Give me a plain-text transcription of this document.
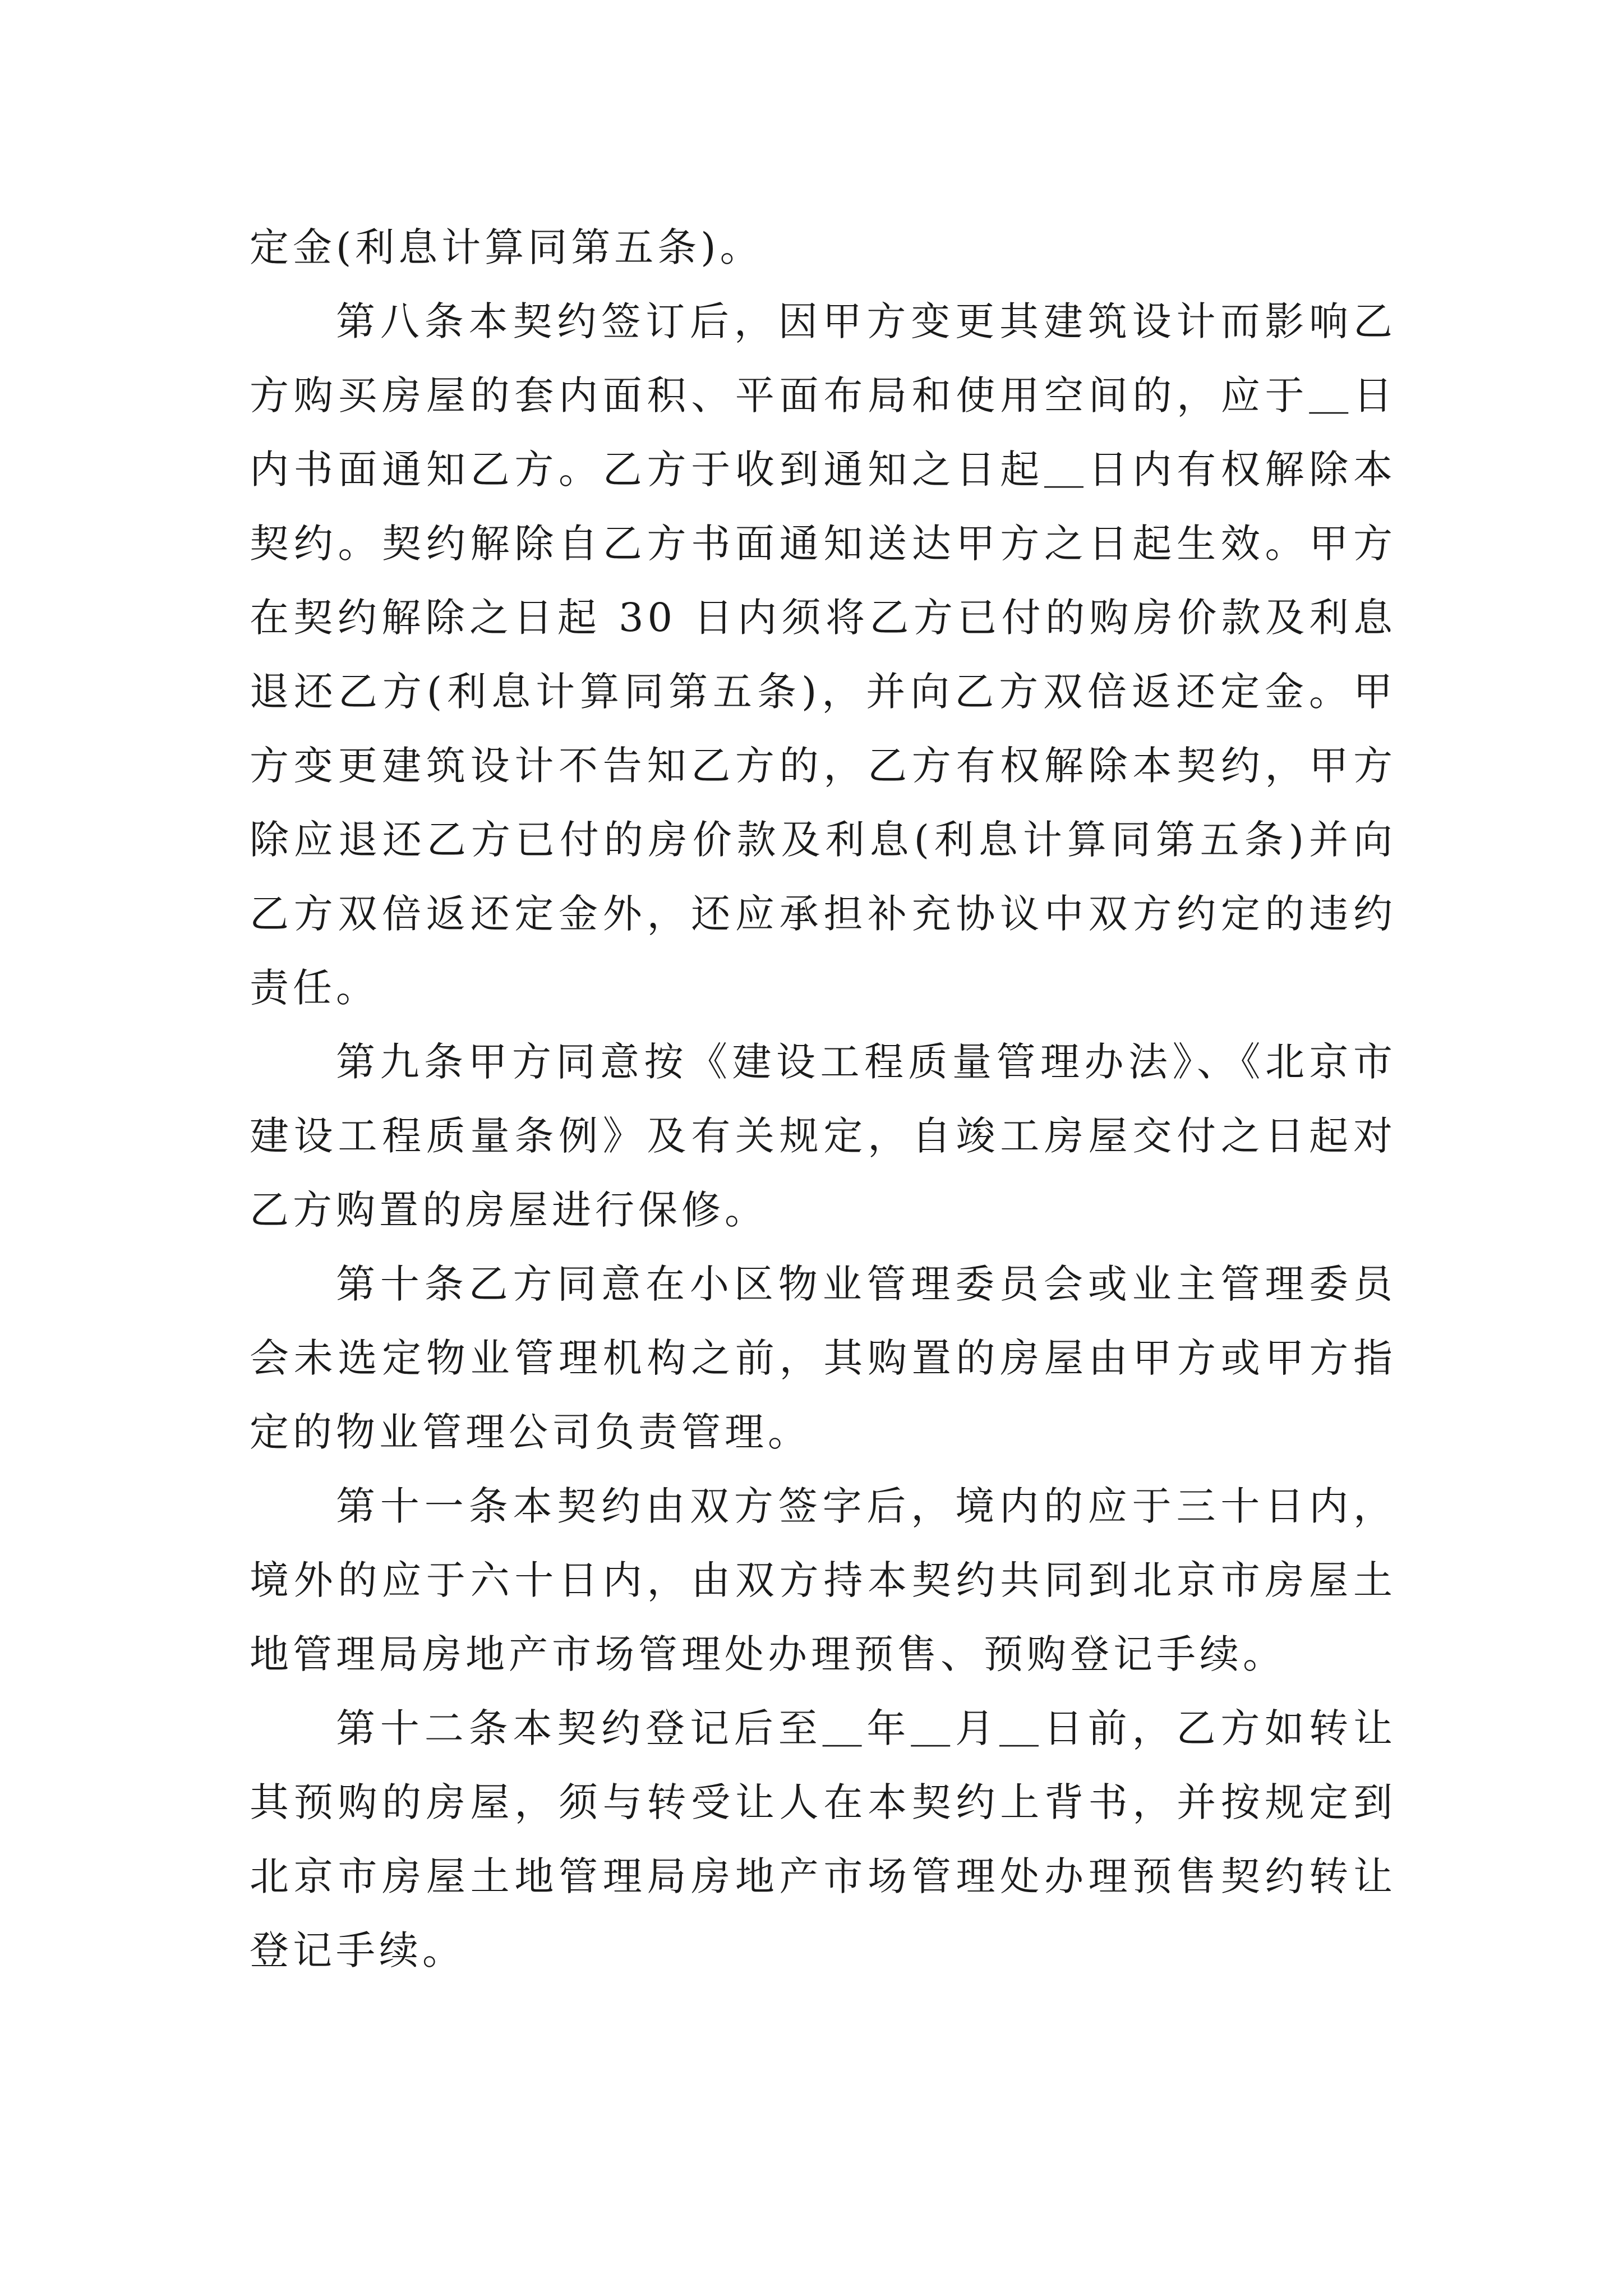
定金(利息计算同第五条)。

第八条本契约签订后，因甲方变更其建筑设计而影响乙方购买房屋的套内面积、平面布局和使用空间的，应于＿日内书面通知乙方。乙方于收到通知之日起＿日内有权解除本契约。契约解除自乙方书面通知送达甲方之日起生效。甲方在契约解除之日起 30 日内须将乙方已付的购房价款及利息退还乙方(利息计算同第五条)，并向乙方双倍返还定金。甲方变更建筑设计不告知乙方的，乙方有权解除本契约，甲方除应退还乙方已付的房价款及利息(利息计算同第五条)并向乙方双倍返还定金外，还应承担补充协议中双方约定的违约责任。

第九条甲方同意按《建设工程质量管理办法》、《北京市建设工程质量条例》及有关规定，自竣工房屋交付之日起对乙方购置的房屋进行保修。

第十条乙方同意在小区物业管理委员会或业主管理委员会未选定物业管理机构之前，其购置的房屋由甲方或甲方指定的物业管理公司负责管理。

第十一条本契约由双方签字后，境内的应于三十日内，境外的应于六十日内，由双方持本契约共同到北京市房屋土地管理局房地产市场管理处办理预售、预购登记手续。

第十二条本契约登记后至＿年＿月＿日前，乙方如转让其预购的房屋，须与转受让人在本契约上背书，并按规定到北京市房屋土地管理局房地产市场管理处办理预售契约转让登记手续。
